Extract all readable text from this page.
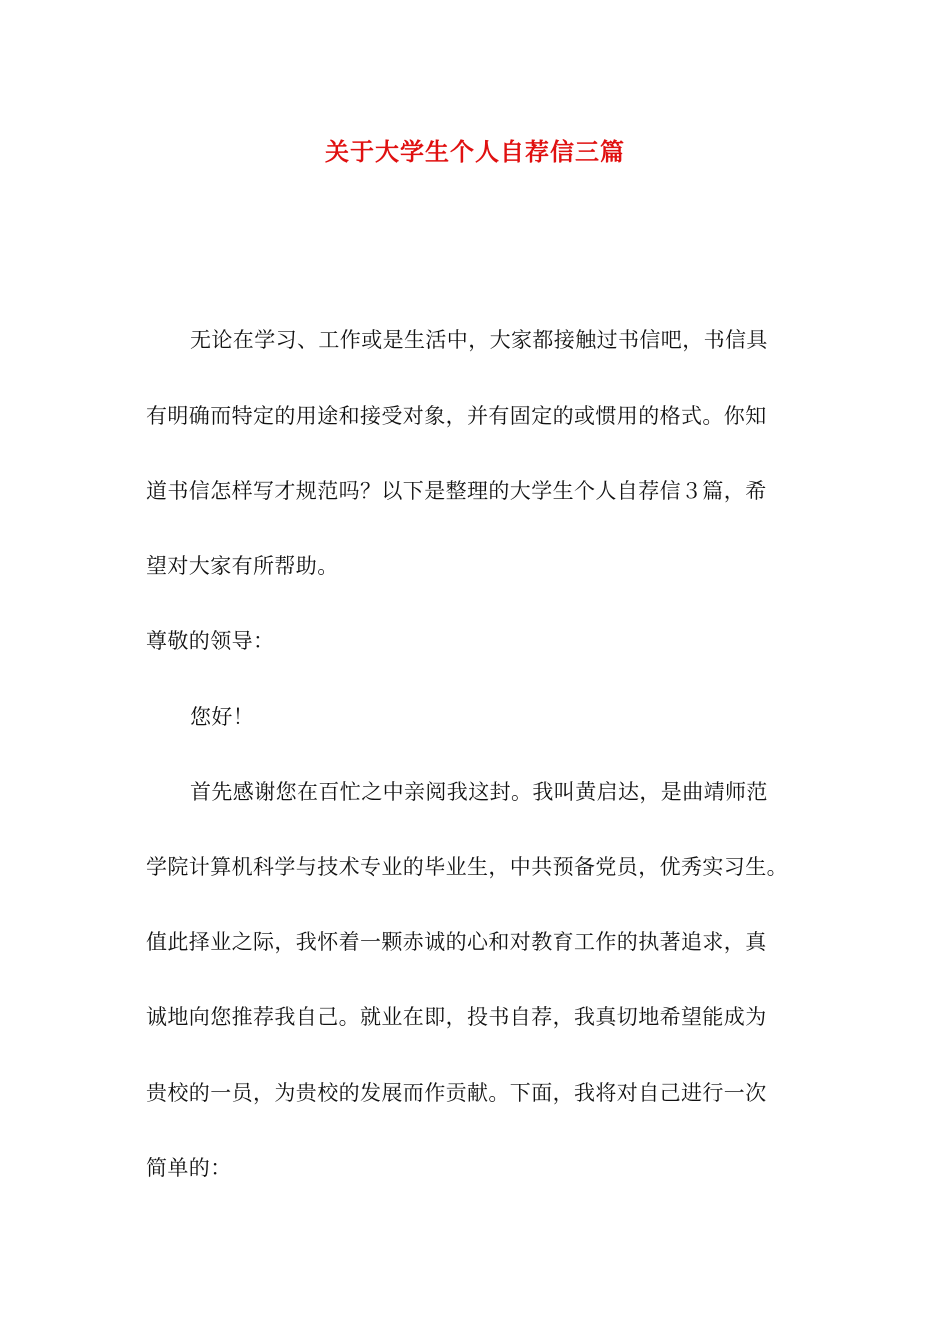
关于大学生个人自荐信三篇
无论在学习、工作或是生活中，大家都接触过书信吧，书信具
有明确而特定的用途和接受对象，并有固定的或惯用的格式。你知
道书信怎样写才规范吗？以下是整理的大学生个人自荐信３篇，希
望对大家有所帮助。
尊敬的领导：
您好！
首先感谢您在百忙之中亲阅我这封。我叫黄启达，是曲靖师范
学院计算机科学与技术专业的毕业生，中共预备党员，优秀实习生。
值此择业之际，我怀着一颗赤诚的心和对教育工作的执著追求，真
诚地向您推荐我自己。就业在即，投书自荐，我真切地希望能成为
贵校的一员，为贵校的发展而作贡献。下面，我将对自己进行一次
简单的：
